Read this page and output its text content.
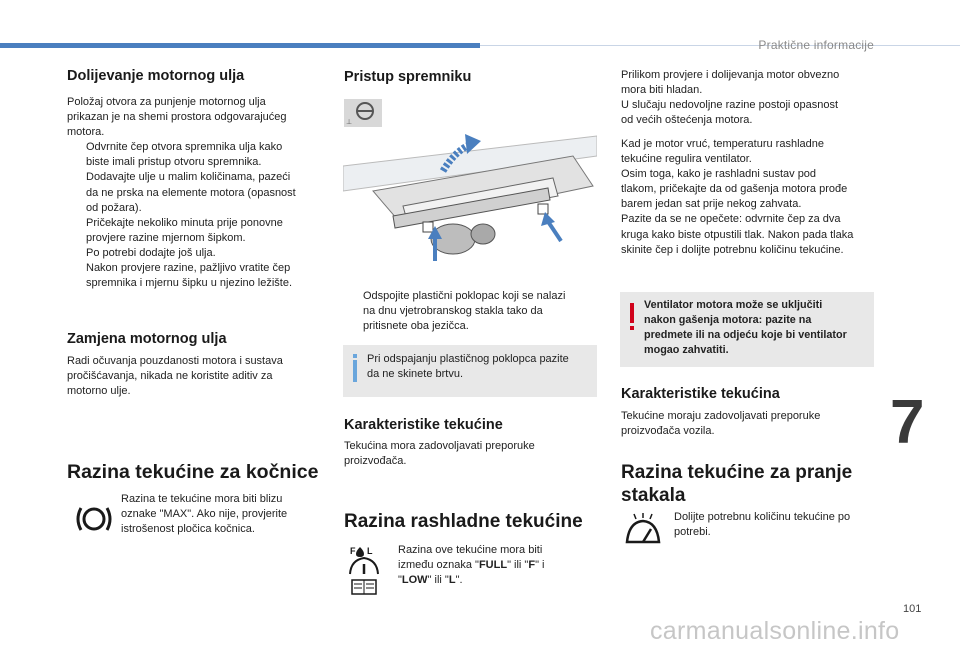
Praktične informacije
7
101
carmanualsonline.info
Dolijevanje motornog ulja
Položaj otvora za punjenje motornog ulja
prikazan je na shemi prostora odgovarajućeg
motora.
Odvrnite čep otvora spremnika ulja kako
biste imali pristup otvoru spremnika.
Dodavajte ulje u malim količinama, pazeći
da ne prska na elemente motora (opasnost
od požara).
Pričekajte nekoliko minuta prije ponovne
provjere razine mjernom šipkom.
Po potrebi dodajte još ulja.
Nakon provjere razine, pažljivo vratite čep
spremnika i mjernu šipku u njezino ležište.
Zamjena motornog ulja
Radi očuvanja pouzdanosti motora i sustava
pročišćavanja, nikada ne koristite aditiv za
motorno ulje.
Razina tekućine za kočnice
Razina te tekućine mora biti blizu
oznake "MAX". Ako nije, provjerite
istrošenost pločica kočnica.
Pristup spremniku
⊥
Odspojite plastični poklopac koji se nalazi
na dnu vjetrobranskog stakla tako da
pritisnete oba jezičca.
Pri odspajanju plastičnog poklopca pazite
da ne skinete brtvu.
Karakteristike tekućine
Tekućina mora zadovoljavati preporuke
proizvođača.
Razina rashladne tekućine
F L Razina ove tekućine mora biti
između oznaka "FULL" ili "F" i
"LOW" ili "L".
Prilikom provjere i dolijevanja motor obvezno
mora biti hladan.
U slučaju nedovoljne razine postoji opasnost
od većih oštećenja motora.
Kad je motor vruć, temperaturu rashladne
tekućine regulira ventilator.
Osim toga, kako je rashladni sustav pod
tlakom, pričekajte da od gašenja motora prođe
barem jedan sat prije nekog zahvata.
Pazite da se ne opečete: odvrnite čep za dva
kruga kako biste otpustili tlak. Nakon pada tlaka
skinite čep i dolijte potrebnu količinu tekućine.
Ventilator motora može se uključiti
nakon gašenja motora: pazite na
predmete ili na odjeću koje bi ventilator
mogao zahvatiti.
Karakteristike tekućina
Tekućine moraju zadovoljavati preporuke
proizvođača vozila.
Razina tekućine za pranje
stakala
Dolijte potrebnu količinu tekućine po
potrebi.
